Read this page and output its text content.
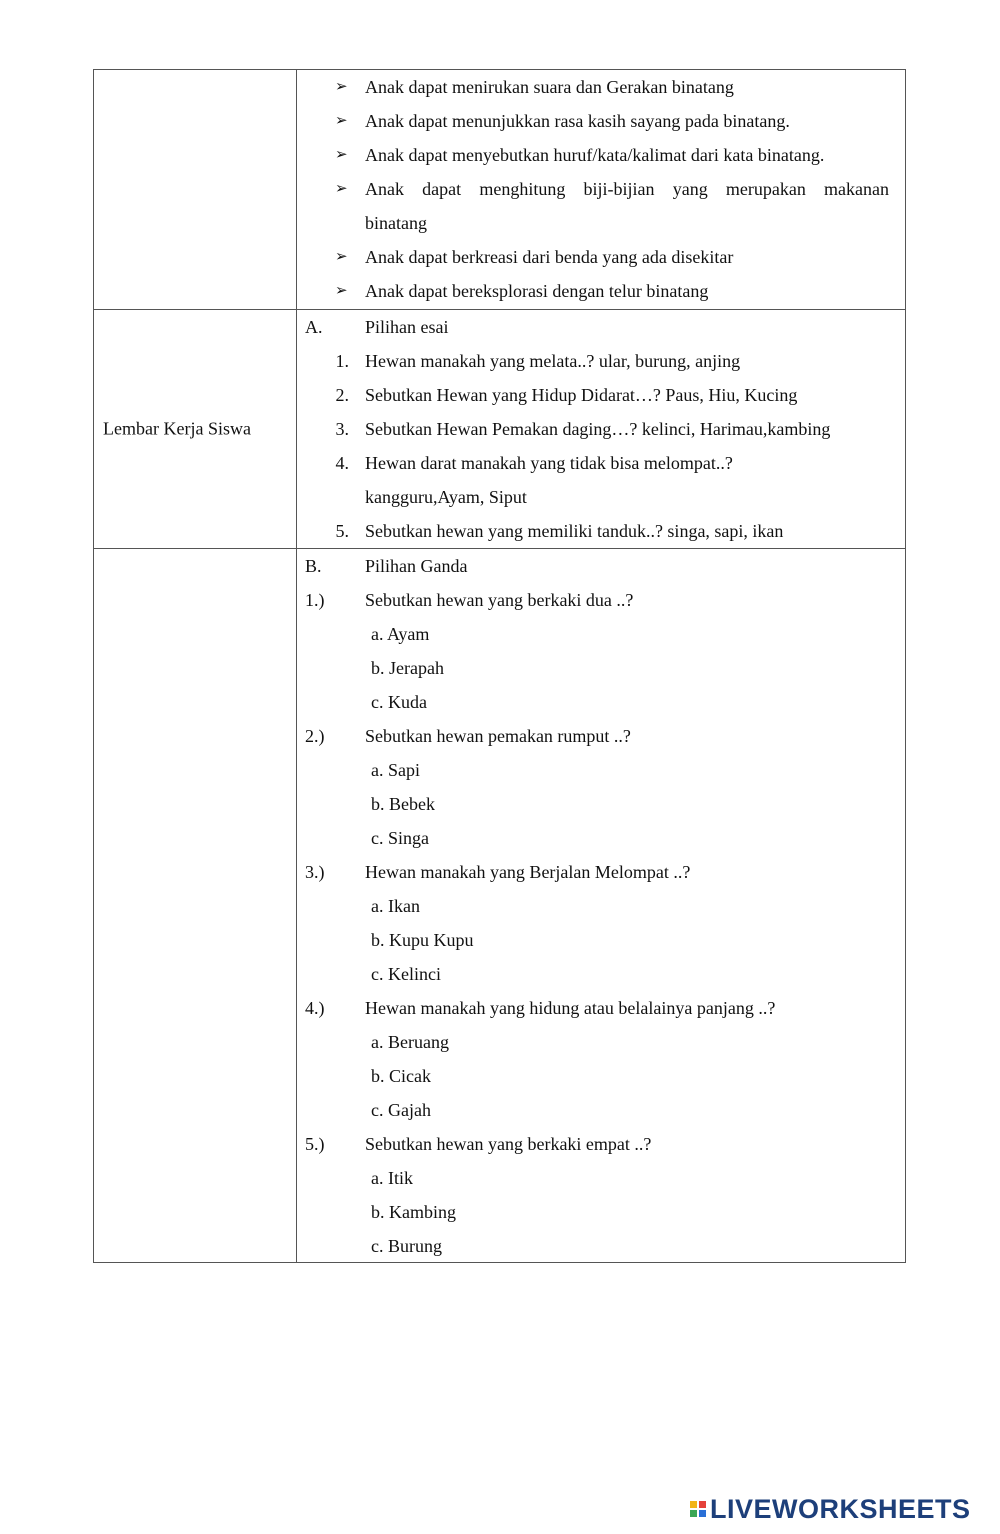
➢ Anak dapat menirukan suara dan Gerakan binatang
➢ Anak dapat menunjukkan rasa kasih sayang pada binatang.
➢ Anak dapat menyebutkan huruf/kata/kalimat dari kata binatang.
➢ Anak dapat menghitung biji-bijian yang merupakan makanan
binatang
➢ Anak dapat berkreasi dari benda yang ada disekitar
➢ Anak dapat bereksplorasi dengan telur binatang
Lembar Kerja Siswa
A. Pilihan esai
1. Hewan manakah yang melata..? ular, burung, anjing
2. Sebutkan Hewan yang Hidup Didarat…? Paus, Hiu, Kucing
3. Sebutkan Hewan Pemakan daging…? kelinci, Harimau,kambing
4. Hewan darat manakah yang tidak bisa melompat..?
kangguru,Ayam, Siput
5. Sebutkan hewan yang memiliki tanduk..? singa, sapi, ikan
B. Pilihan Ganda
1.) Sebutkan hewan yang berkaki dua ..?
a. Ayam
b. Jerapah
c. Kuda
2.) Sebutkan hewan pemakan rumput ..?
a. Sapi
b. Bebek
c. Singa
3.) Hewan manakah yang Berjalan Melompat ..?
a. Ikan
b. Kupu Kupu
c. Kelinci
4.) Hewan manakah yang hidung atau belalainya panjang ..?
a. Beruang
b. Cicak
c. Gajah
5.) Sebutkan hewan yang berkaki empat ..?
a. Itik
b. Kambing
c. Burung
LIVEWORKSHEETS
